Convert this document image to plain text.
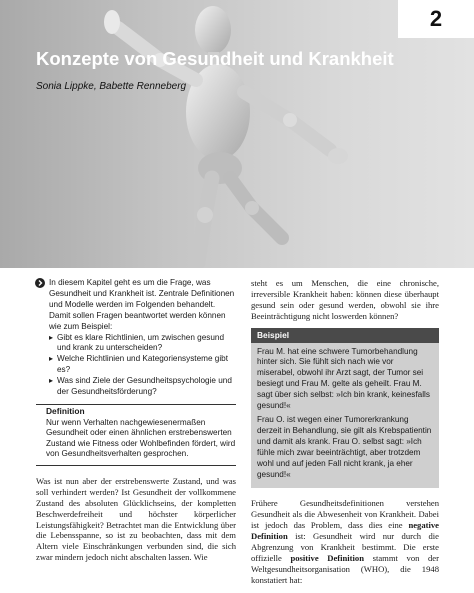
2
Konzepte von Gesundheit und Krankheit
Sonia Lippke, Babette Renneberg
In diesem Kapitel geht es um die Frage, was Gesundheit und Krankheit ist. Zentrale Definitionen und Modelle werden im Folgenden behandelt. Damit sollen Fragen beantwortet werden können wie zum Beispiel:
▸ Gibt es klare Richtlinien, um zwischen gesund und krank zu unterscheiden?
▸ Welche Richtlinien und Kategoriensysteme gibt es?
▸ Was sind Ziele der Gesundheitspsychologie und der Gesundheitsförderung?
Definition
Nur wenn Verhalten nachgewiesenermaßen Gesundheit oder einen ähnlichen erstrebenswerten Zustand wie Fitness oder Wohlbefinden fördert, wird von Gesundheitsverhalten gesprochen.

Was ist nun aber der erstrebenswerte Zustand, und was soll verhindert werden? Ist Gesundheit der vollkommene Zustand des absoluten Glücklichseins, der kompletten Beschwerdefreiheit und höchster körperlicher Leistungsfähigkeit? Betrachtet man die Entwicklung über die Lebensspanne, so ist zu beobachten, dass mit dem Altern viele Einschränkungen verbunden sind, die sich zwar mindern jedoch nicht abschalten lassen. Wie

steht es um Menschen, die eine chronische, irreversible Krankheit haben: können diese überhaupt gesund sein oder gesund werden, obwohl sie ihre Beeinträchtigung nicht loswerden können?

Beispiel

Frau M. hat eine schwere Tumorbehandlung hinter sich. Sie fühlt sich nach wie vor miserabel, obwohl ihr Arzt sagt, der Tumor sei besiegt und Frau M. gelte als geheilt. Frau M. sagt über sich selbst: »Ich bin krank, keinesfalls gesund!«

Frau O. ist wegen einer Tumorerkrankung derzeit in Behandlung, sie gilt als Krebspatientin und damit als krank. Frau O. selbst sagt: »Ich fühle mich zwar beeinträchtigt, aber trotzdem wohl und auf jeden Fall nicht krank, ja eher gesund!«

Frühere Gesundheitsdefinitionen verstehen Gesundheit als die Abwesenheit von Krankheit. Dabei ist jedoch das Problem, dass dies eine negative Definition ist: Gesundheit wird nur durch die Abgrenzung von Krankheit bestimmt. Die erste offizielle positive Definition stammt von der Weltgesundheitsorganisation (WHO), die 1948 konstatiert hat:
